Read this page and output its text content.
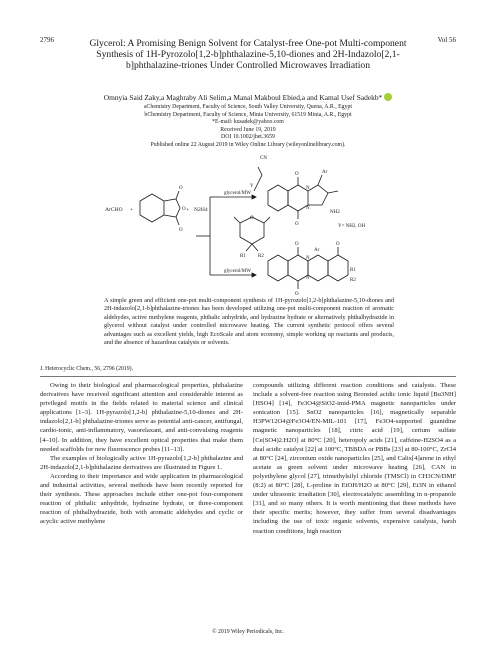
2796	Vol 56
Glycerol: A Promising Benign Solvent for Catalyst-free One-pot Multi-component Synthesis of 1H-Pyrozolo[1,2-b]phthalazine-5,10-diones and 2H-Indazolo[2,1-b]phthalazine-triones Under Controlled Microwaves Irradiation
Omnyia Said Zaky,a Maghraby Ali Selim,a Manal Makboul Ebied,a and Kamal Usef Sadekb*
aChemistry Department, Faculty of Science, South Valley University, Quena, A.R., Egypt
bChemistry Department, Faculty of Science, Minia University, 61519 Minia, A.R., Egypt
*E-mail: kusadek@yahoo.com
Received June 19, 2019
DOI 10.1002/jhet.3659
Published online 22 August 2019 in Wiley Online Library (wileyonlinelibrary.com).
ArCHO +	+ N2H4
glycerol/MW
glycerol/MW
CN
Y
Ar
NH2
Y= NH2, OH
R1 R2
O
O
O
O
N
N
O
O
O
O
N
N
Ar
O
R1
R2
A simple green and efficient one-pot multi-component synthesis of 1H-pyrozolo[1,2-b]phthalazine-5,10-diones and 2H-indazolo[2,1-b]phthalazine-triones has been developed utilizing one-pot multi-component reaction of aromatic aldehydes, active methylene reagents, phthalic anhydride, and hydrazine hydrate or alternatively phthalhydrazide in glycerol without catalyst under controlled microwave heating. The current synthetic protocol offers several advantages such as excellent yields, high EcoScale and atom economy, simple working up reactants and products, and the absence of hazardous catalysts or solvents.
J. Heterocyclic Chem., 56, 2796 (2019).

Owing to their biological and pharmacological properties, phthalazine derivatives have received significant attention and considerable interest as privileged motifs in the fields related to material science and clinical applications [1–3]. 1H-pyrazolo[1,2-b] phthalazine-5,10-diones and 2H-indazolo[2,1-b] phthalazine-triones serve as potential anti-cancer, antifungal, cardio-tonic, anti-inflammatory, vasorelaxant, and anti-convulsing reagents [4–10]. In addition, they have excellent optical properties that make them needed scaffolds for new fluorescence probes [11–13].

The examples of biologically active 1H-pyrazolo[1,2-b] phthalazine and 2H-indazolo[2,1-b]phthalazine derivatives are illustrated in Figure 1.

According to their importance and wide application in pharmacological and industrial activities, several methods have been recently reported for their synthesis. These approaches include either one-pot four-component reaction of phthalic anhydride, hydrazine hydrate, or three-component reaction of phthalhydrazide, both with aromatic aldehydes and cyclic or acyclic active methylene

compounds utilizing different reaction conditions and catalysts. These include a solvent-free reaction using Bronsted acidic ionic liquid [Bu3NH][HSO4] [14], Fe3O4@SiO2-imid-PMA magnetic nanoparticles under sonication [15]. SnO2 nanoparticles [16], magnetically separable H3PW12O4@Fe3O4/EN-MIL-101 [17], Fe3O4-supported guanidine magnetic nanoparticles [18], citric acid [19], cerium sulfate [Ce(SO4)2.H2O] at 80°C [20], heteropoly acids [21], caffeine-H2SO4 as a dual acidic catalyst [22] at 100°C, TBBDA or PBBs [23] at 80-100°C, ZrCl4 at 80°C [24], zirconium oxide nanoparticles [25], and Calix[4]arene in ethyl acetate as green solvent under microwave heating [26], CAN in polyethylene glycol [27], trimethylsilyl chloride (TMSCl) in CH3CN/DMF (8:2) at 80°C [28], L-proline in EtOH/H2O at 80°C [29], Et3N in ethanol under ultrasonic irradiation [30], electrocatalytic assembling in n-propanole [31], and so many others. It is worth mentioning that these methods have their specific merits; however, they suffer from several disadvantages including the use of toxic organic solvents, expensive catalysts, harsh reaction conditions, high reaction

© 2019 Wiley Periodicals, Inc.
